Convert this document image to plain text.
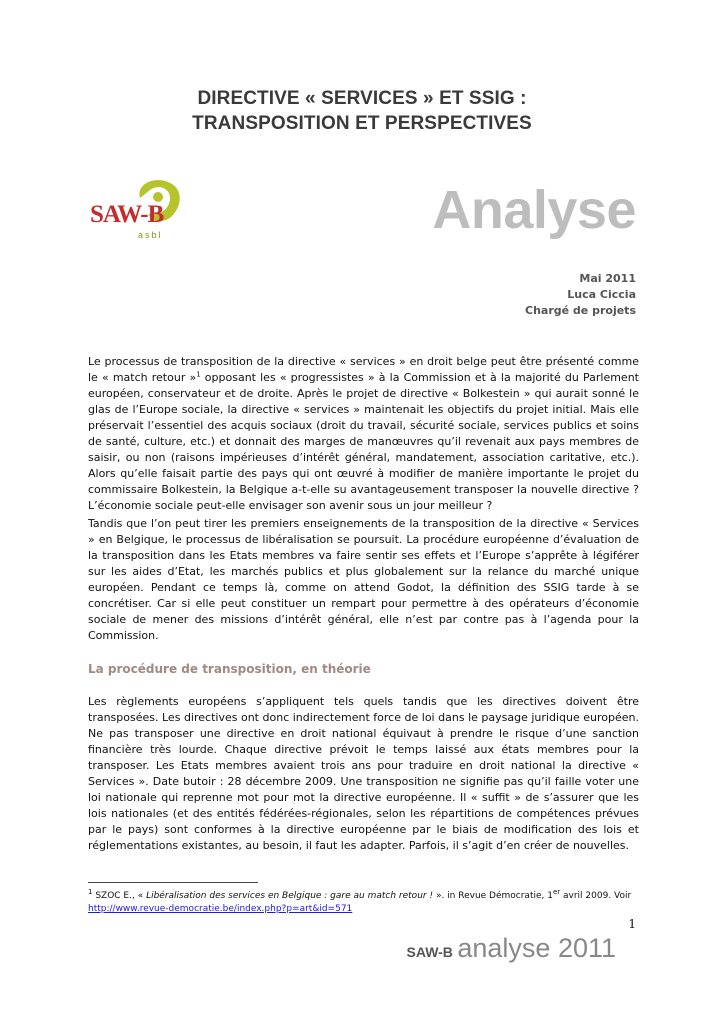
DIRECTIVE « SERVICES » ET SSIG :
TRANSPOSITION ET PERSPECTIVES
SAW-B
asbl	Analyse
Mai 2011
Luca Ciccia
Chargé de projets

Le processus de transposition de la directive « services » en droit belge peut être présenté comme le « match retour »$^1$ opposant les « progressistes » à la Commission et à la majorité du Parlement européen, conservateur et de droite. Après le projet de directive « Bolkestein » qui aurait sonné le glas de l’Europe sociale, la directive « services » maintenait les objectifs du projet initial. Mais elle préservait l’essentiel des acquis sociaux (droit du travail, sécurité sociale, services publics et soins de santé, culture, etc.) et donnait des marges de manœuvres qu’il revenait aux pays membres de saisir, ou non (raisons impérieuses d’intérêt général, mandatement, association caritative, etc.). Alors qu’elle faisait partie des pays qui ont œuvré à modifier de manière importante le projet du commissaire Bolkestein, la Belgique a-t-elle su avantageusement transposer la nouvelle directive ? L’économie sociale peut-elle envisager son avenir sous un jour meilleur ?

Tandis que l’on peut tirer les premiers enseignements de la transposition de la directive « Services » en Belgique, le processus de libéralisation se poursuit. La procédure européenne d’évaluation de la transposition dans les Etats membres va faire sentir ses effets et l’Europe s’apprête à légiférer sur les aides d’Etat, les marchés publics et plus globalement sur la relance du marché unique européen. Pendant ce temps là, comme on attend Godot, la définition des SSIG tarde à se concrétiser. Car si elle peut constituer un rempart pour permettre à des opérateurs d’économie sociale de mener des missions d’intérêt général, elle n’est par contre pas à l’agenda pour la Commission.

La procédure de transposition, en théorie

Les règlements européens s’appliquent tels quels tandis que les directives doivent être transposées. Les directives ont donc indirectement force de loi dans le paysage juridique européen. Ne pas transposer une directive en droit national équivaut à prendre le risque d’une sanction financière très lourde. Chaque directive prévoit le temps laissé aux états membres pour la transposer. Les Etats membres avaient trois ans pour traduire en droit national la directive « Services ». Date butoir : 28 décembre 2009. Une transposition ne signifie pas qu’il faille voter une loi nationale qui reprenne mot pour mot la directive européenne. Il « suffit » de s’assurer que les lois nationales (et des entités fédérées-régionales, selon les répartitions de compétences prévues par le pays) sont conformes à la directive européenne par le biais de modification des lois et réglementations existantes, au besoin, il faut les adapter. Parfois, il s’agit d’en créer de nouvelles.

$^1$ SZOC E., « Libéralisation des services en Belgique : gare au match retour ! ». in Revue Démocratie, 1er avril 2009. Voir
http://www.revue-democratie.be/index.php?p=art&id=571
1
SAW-B analyse 2011
